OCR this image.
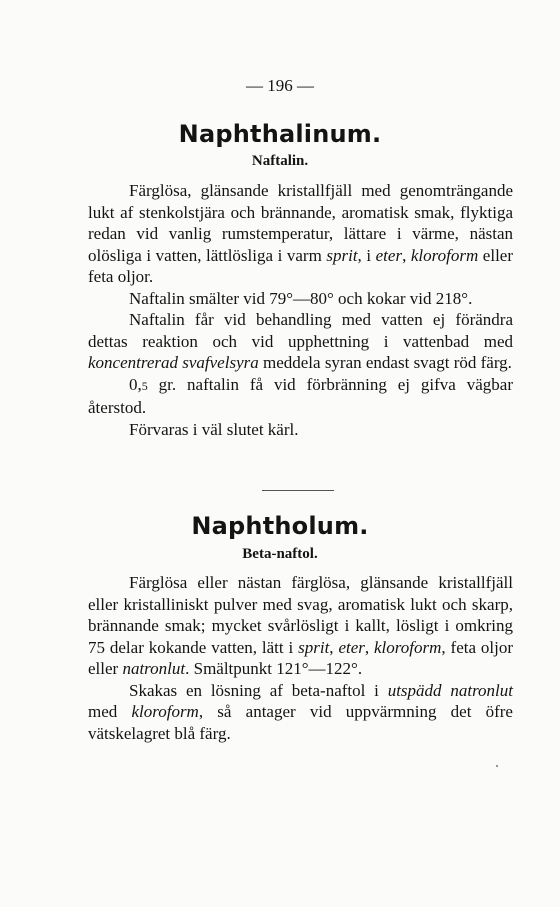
— 196 —
Naphthalinum.
Naftalin.

Färglösa, glänsande kristallfjäll med genomträngande lukt af stenkolstjära och brännande, aromatisk smak, flyktiga redan vid vanlig rumstemperatur, lättare i värme, nästan olösliga i vatten, lättlösliga i varm sprit, i eter, kloroform eller feta oljor.

Naftalin smälter vid 79°—80° och kokar vid 218°.

Naftalin får vid behandling med vatten ej förändra dettas reaktion och vid upphettning i vattenbad med koncentrerad svafvelsyra meddela syran endast svagt röd färg.

0,5 gr. naftalin få vid förbränning ej gifva vägbar återstod.

Förvaras i väl slutet kärl.

Naphtholum.
Beta-naftol.

Färglösa eller nästan färglösa, glänsande kristallfjäll eller kristalliniskt pulver med svag, aromatisk lukt och skarp, brännande smak; mycket svårlösligt i kallt, lösligt i omkring 75 delar kokande vatten, lätt i sprit, eter, kloroform, feta oljor eller natronlut. Smältpunkt 121°—122°.

Skakas en lösning af beta-naftol i utspädd natronlut med kloroform, så antager vid uppvärmning det öfre vätskelagret blå färg.
